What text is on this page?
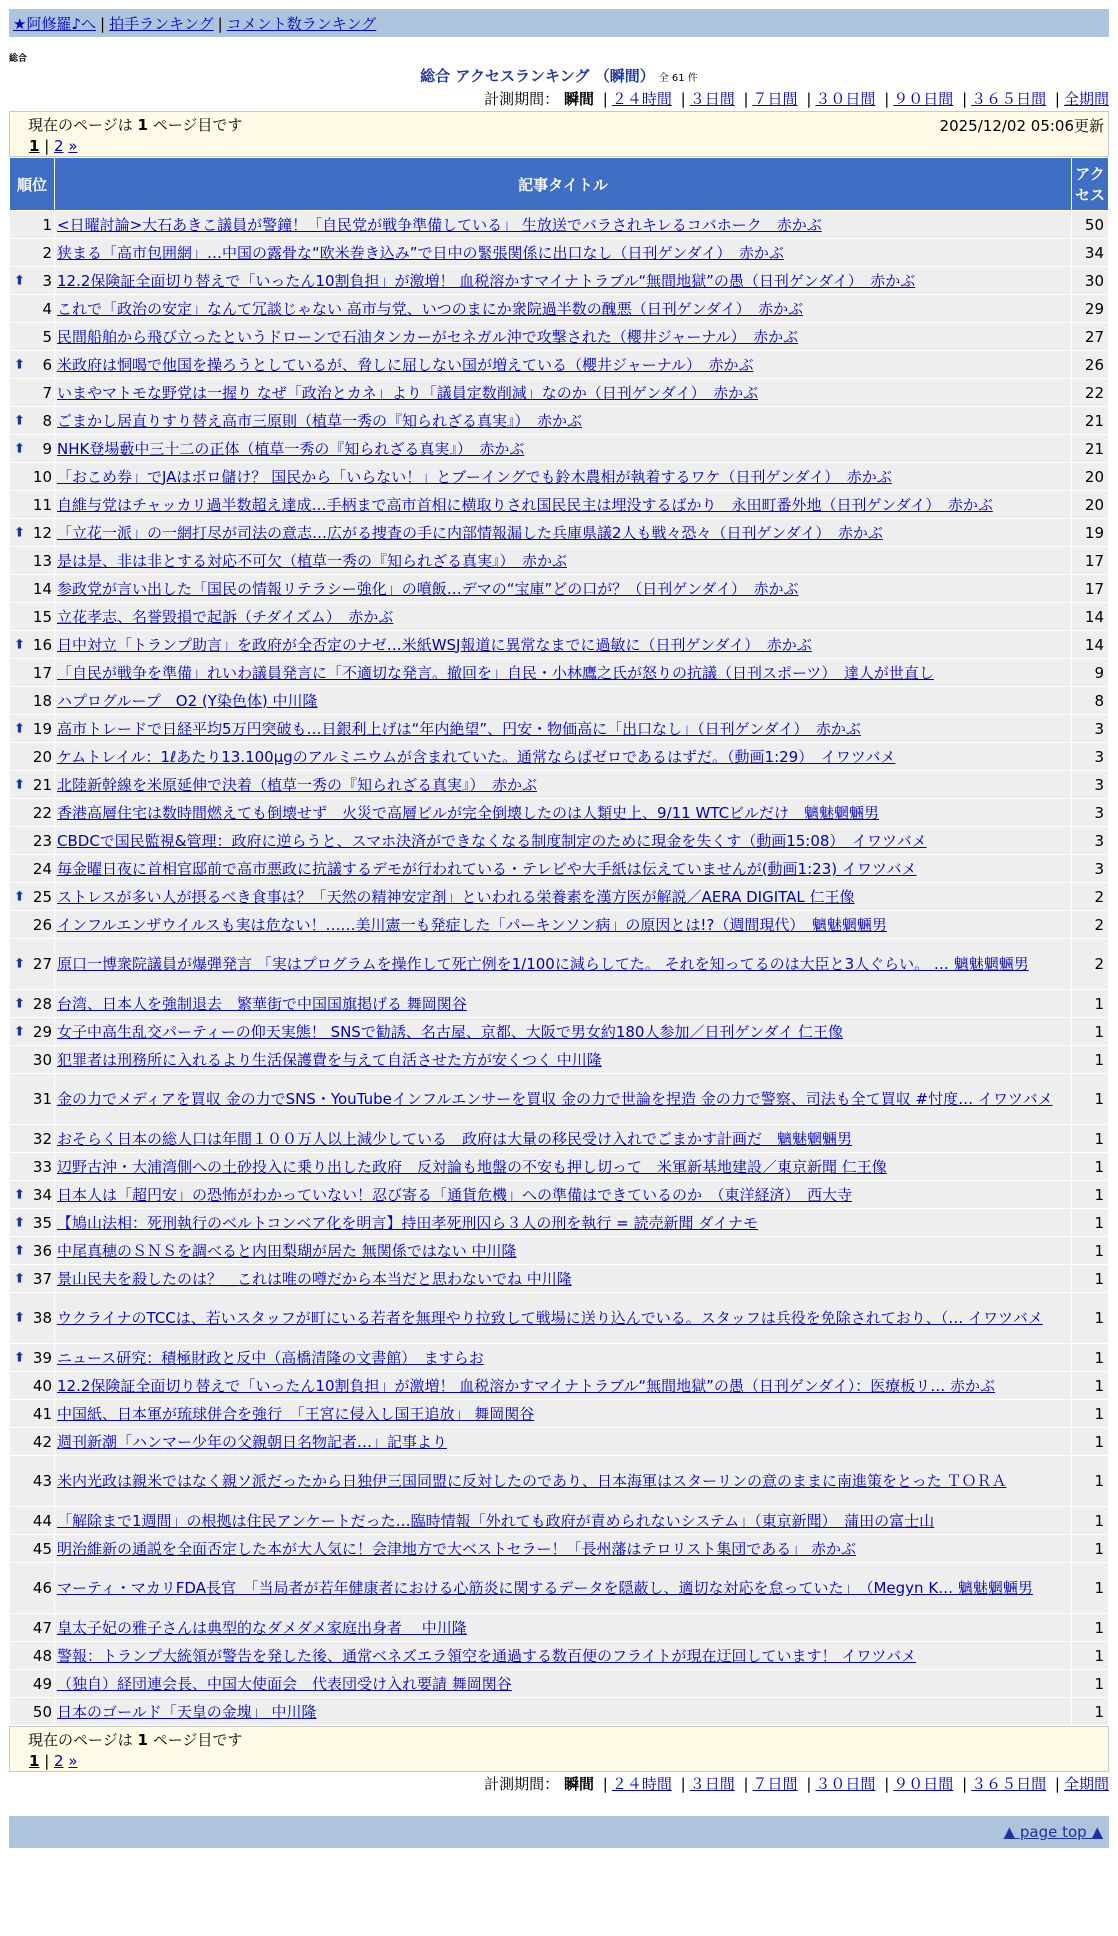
★阿修羅♪へ | 拍手ランキング | コメント数ランキング
総合
総合 アクセスランキング （瞬間） 全 61 件
計測期間： 瞬間 | ２４時間 | ３日間 | ７日間 | ３０日間 | ９０日間 | ３６５日間 | 全期間
現在のページは 1 ページ目です	2025/12/02 05:06更新
1 | 2 »
順位	記事タイトル	アクセス
1	<日曜討論>大石あきこ議員が警鐘！「自民党が戦争準備している」 生放送でバラされキレるコバホーク　赤かぶ	50
2	狭まる「高市包囲網」…中国の露骨な“欧米巻き込み”で日中の緊張関係に出口なし（日刊ゲンダイ）　赤かぶ	34

⬆ 3	12.2保険証全面切り替えで「いったん10割負担」が激増！ 血税溶かすマイナトラブル“無間地獄”の愚（日刊ゲンダイ）　赤かぶ	30
4	これで「政治の安定」なんて冗談じゃない 高市与党、いつのまにか衆院過半数の醜悪（日刊ゲンダイ）　赤かぶ	29
5	民間船舶から飛び立ったというドローンで石油タンカーがセネガル沖で攻撃された（櫻井ジャーナル）　赤かぶ	27

⬆ 6	米政府は恫喝で他国を操ろうとしているが、脅しに屈しない国が増えている（櫻井ジャーナル）　赤かぶ	26
7	いまやマトモな野党は一握り なぜ「政治とカネ」より「議員定数削減」なのか（日刊ゲンダイ）　赤かぶ	22

⬆ 8	ごまかし居直りすり替え高市三原則（植草一秀の『知られざる真実』）　赤かぶ	21

⬆ 9	NHK登場藪中三十二の正体（植草一秀の『知られざる真実』）　赤かぶ	21
10	「おこめ券」でJAはボロ儲け？ 国民から「いらない！」とブーイングでも鈴木農相が執着するワケ（日刊ゲンダイ）　赤かぶ	20
11	自維与党はチャッカリ過半数超え達成…手柄まで高市首相に横取りされ国民民主は埋没するばかり　永田町番外地（日刊ゲンダイ）　赤かぶ	20

⬆ 12	「立花一派」の一網打尽が司法の意志…広がる捜査の手に内部情報漏した兵庫県議2人も戦々恐々（日刊ゲンダイ）　赤かぶ	19
13	是は是、非は非とする対応不可欠（植草一秀の『知られざる真実』）　赤かぶ	17
14	参政党が言い出した「国民の情報リテラシー強化」の噴飯…デマの“宝庫”どの口が？（日刊ゲンダイ）　赤かぶ	17
15	立花孝志、名誉毀損で起訴（チダイズム）　赤かぶ	14

⬆ 16	日中対立「トランプ助言」を政府が全否定のナゼ…米紙WSJ報道に異常なまでに過敏に（日刊ゲンダイ）　赤かぶ	14
17	「自民が戦争を準備」れいわ議員発言に「不適切な発言。撤回を」自民・小林鷹之氏が怒りの抗議（日刊スポーツ）　達人が世直し	9
18	ハプログループ　O2 (Y染色体) 中川隆	8

⬆ 19	高市トレードで日経平均5万円突破も…日銀利上げは“年内絶望”、円安・物価高に「出口なし」（日刊ゲンダイ）　赤かぶ	3
20	ケムトレイル：1ℓあたり13.100μgのアルミニウムが含まれていた。通常ならばゼロであるはずだ。（動画1:29）　イワツバメ	3

⬆ 21	北陸新幹線を米原延伸で決着（植草一秀の『知られざる真実』）　赤かぶ	3
22	香港高層住宅は数時間燃えても倒壊せず　火災で高層ビルが完全倒壊したのは人類史上、9/11 WTCビルだけ　魑魅魍魎男	3
23	CBDCで国民監視&管理：政府に逆らうと、スマホ決済ができなくなる制度制定のために現金を失くす（動画15:08）　イワツバメ	3
24	毎金曜日夜に首相官邸前で高市悪政に抗議するデモが行われている・テレビや大手紙は伝えていませんが(動画1:23) イワツバメ	3

⬆ 25	ストレスが多い人が摂るべき食事は？「天然の精神安定剤」といわれる栄養素を漢方医が解説／AERA DIGITAL 仁王像	2
26	インフルエンザウイルスも実は危ない！……美川憲一も発症した「パーキンソン病」の原因とは!?（週間現代）　魑魅魍魎男	2

⬆ 27	原口一博衆院議員が爆弾発言 「実はプログラムを操作して死亡例を1/100に減らしてた。 それを知ってるのは大臣と3人ぐらい。 … 魑魅魍魎男	2

⬆ 28	台湾、日本人を強制退去　繁華街で中国国旗掲げる 舞岡関谷	1

⬆ 29	女子中高生乱交パーティーの仰天実態！ SNSで勧誘、名古屋、京都、大阪で男女約180人参加／日刊ゲンダイ 仁王像	1
30	犯罪者は刑務所に入れるより生活保護費を与えて自活させた方が安くつく 中川隆	1
31	金の力でメディアを買収 金の力でSNS・YouTubeインフルエンサーを買収 金の力で世論を捏造 金の力で警察、司法も全て買収 #忖度… イワツバメ	1
32	おそらく日本の総人口は年間１００万人以上減少している　政府は大量の移民受け入れでごまかす計画だ　魑魅魍魎男	1
33	辺野古沖・大浦湾側への土砂投入に乗り出した政府　反対論も地盤の不安も押し切って　米軍新基地建設／東京新聞 仁王像	1

⬆ 34	日本人は「超円安」の恐怖がわかっていない！忍び寄る「通貨危機」への準備はできているのか　（東洋経済）　西大寺	1

⬆ 35	【鳩山法相：死刑執行のベルトコンベア化を明言】持田孝死刑囚ら３人の刑を執行 = 読売新聞 ダイナモ	1

⬆ 36	中尾真穂のＳＮＳを調べると内田梨瑚が居た 無関係ではない 中川隆	1

⬆ 37	景山民夫を殺したのは？＿これは唯の噂だから本当だと思わないでね 中川隆	1

⬆ 38	ウクライナのTCCは、若いスタッフが町にいる若者を無理やり拉致して戦場に送り込んでいる。スタッフは兵役を免除されており、（… イワツバメ	1

⬆ 39	ニュース研究：積極財政と反中（高橋清隆の文書館）　ますらお	1
40	12.2保険証全面切り替えで「いったん10割負担」が激増！ 血税溶かすマイナトラブル“無間地獄”の愚（日刊ゲンダイ）：医療板リ… 赤かぶ	1
41	中国紙、日本軍が琉球併合を強行　「王宮に侵入し国王追放」 舞岡関谷	1
42	週刊新潮「ハンマー少年の父親朝日名物記者…」記事より	1
43	米内光政は親米ではなく親ソ派だったから日独伊三国同盟に反対したのであり、日本海軍はスターリンの意のままに南進策をとった ＴＯＲＡ	1
44	「解除まで1週間」の根拠は住民アンケートだった…臨時情報「外れても政府が責められないシステム」（東京新聞）　蒲田の富士山	1
45	明治維新の通説を全面否定した本が大人気に！会津地方で大ベストセラー！「長州藩はテロリスト集団である」 赤かぶ	1
46	マーティ・マカリFDA長官　「当局者が若年健康者における心筋炎に関するデータを隠蔽し、適切な対応を怠っていた」　（Megyn K… 魑魅魍魎男	1
47	皇太子妃の雅子さんは典型的なダメダメ家庭出身者　 中川隆	1
48	警報：トランプ大統領が警告を発した後、通常ベネズエラ領空を通過する数百便のフライトが現在迂回しています！ イワツバメ	1
49	（独自）経団連会長、中国大使面会　代表団受け入れ要請 舞岡関谷	1
50	日本のゴールド「天皇の金塊」 中川隆	1
現在のページは 1 ページ目です
1 | 2 »
計測期間： 瞬間 | ２４時間 | ３日間 | ７日間 | ３０日間 | ９０日間 | ３６５日間 | 全期間
▲ page top ▲
